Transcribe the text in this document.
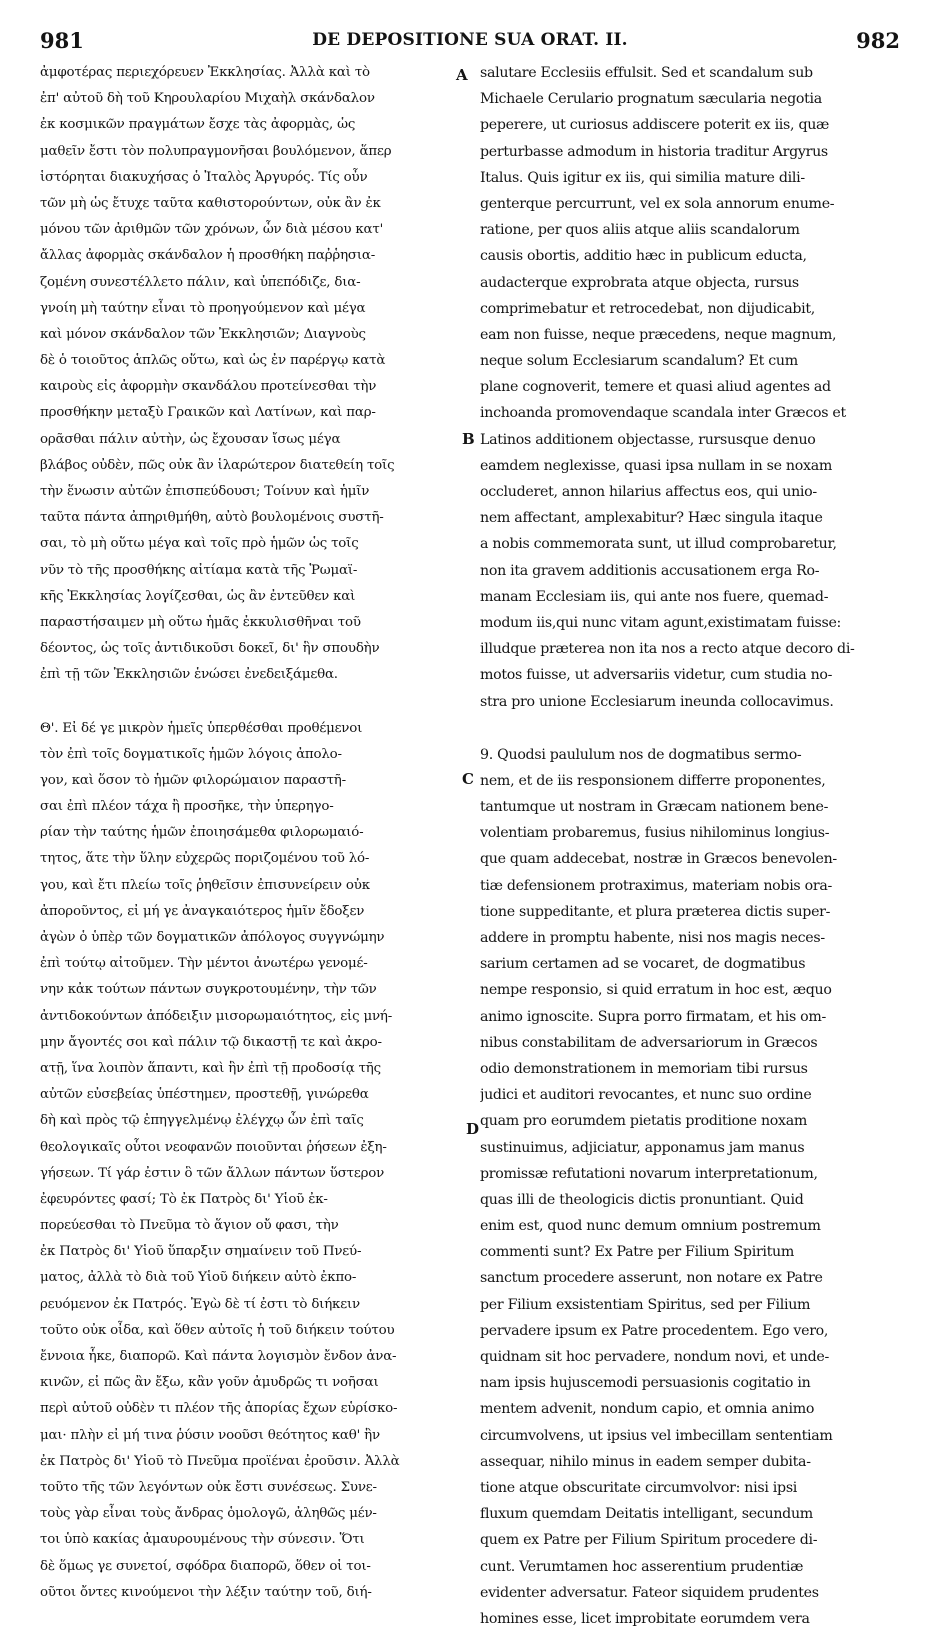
981	DE DEPOSITIONE SUA ORAT. II.	982
ἀμφοτέρας περιεχόρευεν Ἐκκλησίας. Ἀλλὰ καὶ τὸ
ἐπ' αὐτοῦ δὴ τοῦ Κηρουλαρίου Μιχαὴλ σκάνδαλον
ἐκ κοσμικῶν πραγμάτων ἔσχε τὰς ἀφορμὰς, ὡς
μαθεῖν ἔστι τὸν πολυπραγμονῆσαι βουλόμενον, ἅπερ
ἱστόρηται διακυχήσας ὁ Ἰταλὸς Ἀργυρός. Τίς οὖν
τῶν μὴ ὡς ἔτυχε ταῦτα καθιστορούντων, οὐκ ἂν ἐκ
μόνου τῶν ἀριθμῶν τῶν χρόνων, ὧν διὰ μέσου κατ'
ἄλλας ἀφορμὰς σκάνδαλον ἡ προσθήκη παῤῥησια-
ζομένη συνεστέλλετο πάλιν, καὶ ὑπεπόδιζε, δια-
γνοίη μὴ ταύτην εἶναι τὸ προηγούμενον καὶ μέγα
καὶ μόνον σκάνδαλον τῶν Ἐκκλησιῶν; Διαγνοὺς
δὲ ὁ τοιοῦτος ἁπλῶς οὕτω, καὶ ὡς ἐν παρέργῳ κατὰ
καιροὺς εἰς ἀφορμὴν σκανδάλου προτείνεσθαι τὴν
προσθήκην μεταξὺ Γραικῶν καὶ Λατίνων, καὶ παρ-
ορᾶσθαι πάλιν αὐτὴν, ὡς ἔχουσαν ἴσως μέγα
βλάβος οὐδὲν, πῶς οὐκ ἂν ἱλαρώτερον διατεθείη τοῖς
τὴν ἕνωσιν αὐτῶν ἐπισπεύδουσι; Τοίνυν καὶ ἡμῖν
ταῦτα πάντα ἀπηριθμήθη, αὐτὸ βουλομένοις συστῆ-
σαι, τὸ μὴ οὕτω μέγα καὶ τοῖς πρὸ ἡμῶν ὡς τοῖς
νῦν τὸ τῆς προσθήκης αἰτίαμα κατὰ τῆς Ῥωμαϊ-
κῆς Ἐκκλησίας λογίζεσθαι, ὡς ἂν ἐντεῦθεν καὶ
παραστήσαιμεν μὴ οὕτω ἡμᾶς ἐκκυλισθῆναι τοῦ
δέοντος, ὡς τοῖς ἀντιδικοῦσι δοκεῖ, δι' ἣν σπουδὴν
ἐπὶ τῇ τῶν Ἐκκλησιῶν ἑνώσει ἐνεδειξάμεθα.
Θ'. Εἰ δέ γε μικρὸν ἡμεῖς ὑπερθέσθαι προθέμενοι
τὸν ἐπὶ τοῖς δογματικοῖς ἡμῶν λόγοις ἀπολο-
γον, καὶ ὅσον τὸ ἡμῶν φιλορώμαιον παραστῆ-
σαι ἐπὶ πλέον τάχα ἢ προσῆκε, τὴν ὑπερηγο-
ρίαν τὴν ταύτης ἡμῶν ἐποιησάμεθα φιλορωμαιό-
τητος, ἅτε τὴν ὕλην εὐχερῶς ποριζομένου τοῦ λό-
γου, καὶ ἔτι πλείω τοῖς ῥηθεῖσιν ἐπισυνείρειν οὐκ
ἀποροῦντος, εἰ μή γε ἀναγκαιότερος ἡμῖν ἔδοξεν
ἀγὼν ὁ ὑπὲρ τῶν δογματικῶν ἀπόλογος συγγνώμην
ἐπὶ τούτῳ αἰτοῦμεν. Τὴν μέντοι ἀνωτέρω γενομέ-
νην κἀκ τούτων πάντων συγκροτουμένην, τὴν τῶν
ἀντιδοκούντων ἀπόδειξιν μισορωμαιότητος, εἰς μνή-
μην ἄγοντές σοι καὶ πάλιν τῷ δικαστῇ τε καὶ ἀκρο-
ατῇ, ἵνα λοιπὸν ἅπαντι, καὶ ἣν ἐπὶ τῇ προδοσίᾳ τῆς
αὐτῶν εὐσεβείας ὑπέστημεν, προστεθῇ, γινώρεθα
δὴ καὶ πρὸς τῷ ἐπηγγελμένῳ ἐλέγχῳ ὧν ἐπὶ ταῖς
θεολογικαῖς οὗτοι νεοφανῶν ποιοῦνται ῥήσεων ἐξη-
γήσεων. Τί γάρ ἐστιν ὃ τῶν ἄλλων πάντων ὕστερον
ἐφευρόντες φασί; Τὸ ἐκ Πατρὸς δι' Υἱοῦ ἐκ-
πορεύεσθαι τὸ Πνεῦμα τὸ ἅγιον οὔ φασι, τὴν
ἐκ Πατρὸς δι' Υἱοῦ ὕπαρξιν σημαίνειν τοῦ Πνεύ-
ματος, ἀλλὰ τὸ διὰ τοῦ Υἱοῦ διήκειν αὐτὸ ἐκπο-
ρευόμενον ἐκ Πατρός. Ἐγὼ δὲ τί ἐστι τὸ διήκειν
τοῦτο οὐκ οἶδα, καὶ ὅθεν αὐτοῖς ἡ τοῦ διήκειν τούτου
ἔννοια ἧκε, διαπορῶ. Καὶ πάντα λογισμὸν ἔνδον ἀνα-
κινῶν, εἰ πῶς ἂν ἔξω, κἂν γοῦν ἀμυδρῶς τι νοῆσαι
περὶ αὐτοῦ οὐδὲν τι πλέον τῆς ἀπορίας ἔχων εὑρίσκο-
μαι· πλὴν εἰ μή τινα ῥύσιν νοοῦσι θεότητος καθ' ἣν
ἐκ Πατρὸς δι' Υἱοῦ τὸ Πνεῦμα προϊέναι ἐροῦσιν. Ἀλλὰ
τοῦτο τῆς τῶν λεγόντων οὐκ ἔστι συνέσεως. Συνε-
τοὺς γὰρ εἶναι τοὺς ἄνδρας ὁμολογῶ, ἀληθῶς μέν-
τοι ὑπὸ κακίας ἀμαυρουμένους τὴν σύνεσιν. Ὅτι
δὲ ὅμως γε συνετοί, σφόδρα διαπορῶ, ὅθεν οἱ τοι-
οῦτοι ὄντες κινούμενοι τὴν λέξιν ταύτην τοῦ, διή-
salutare Ecclesiis effulsit. Sed et scandalum sub
Michaele Cerulario prognatum sæcularia negotia
peperere, ut curiosus addiscere poterit ex iis, quæ
perturbasse admodum in historia traditur Argyrus
Italus. Quis igitur ex iis, qui similia mature dili-
genterque percurrunt, vel ex sola annorum enume-
ratione, per quos aliis atque aliis scandalorum
causis obortis, additio hæc in publicum educta,
audacterque exprobrata atque objecta, rursus
comprimebatur et retrocedebat, non dijudicabit,
eam non fuisse, neque præcedens, neque magnum,
neque solum Ecclesiarum scandalum? Et cum
plane cognoverit, temere et quasi aliud agentes ad
inchoanda promovendaque scandala inter Græcos et
Latinos additionem objectasse, rursusque denuo
eamdem neglexisse, quasi ipsa nullam in se noxam
occluderet, annon hilarius affectus eos, qui unio-
nem affectant, amplexabitur? Hæc singula itaque
a nobis commemorata sunt, ut illud comprobaretur,
non ita gravem additionis accusationem erga Ro-
manam Ecclesiam iis, qui ante nos fuere, quemad-
modum iis,qui nunc vitam agunt,existimatam fuisse:
illudque præterea non ita nos a recto atque decoro di-
motos fuisse, ut adversariis videtur, cum studia no-
stra pro unione Ecclesiarum ineunda collocavimus.
9. Quodsi paululum nos de dogmatibus sermo-
nem, et de iis responsionem differre proponentes,
tantumque ut nostram in Græcam nationem bene-
volentiam probaremus, fusius nihilominus longius-
que quam addecebat, nostræ in Græcos benevolen-
tiæ defensionem protraximus, materiam nobis ora-
tione suppeditante, et plura præterea dictis super-
addere in promptu habente, nisi nos magis neces-
sarium certamen ad se vocaret, de dogmatibus
nempe responsio, si quid erratum in hoc est, æquo
animo ignoscite. Supra porro firmatam, et his om-
nibus constabilitam de adversariorum in Græcos
odio demonstrationem in memoriam tibi rursus
judici et auditori revocantes, et nunc suo ordine
quam pro eorumdem pietatis proditione noxam
sustinuimus, adjiciatur, apponamus jam manus
promissæ refutationi novarum interpretationum,
quas illi de theologicis dictis pronuntiant. Quid
enim est, quod nunc demum omnium postremum
commenti sunt? Ex Patre per Filium Spiritum
sanctum procedere asserunt, non notare ex Patre
per Filium exsistentiam Spiritus, sed per Filium
pervadere ipsum ex Patre procedentem. Ego vero,
quidnam sit hoc pervadere, nondum novi, et unde-
nam ipsis hujuscemodi persuasionis cogitatio in
mentem advenit, nondum capio, et omnia animo
circumvolvens, ut ipsius vel imbecillam sententiam
assequar, nihilo minus in eadem semper dubita-
tione atque obscuritate circumvolvor: nisi ipsi
fluxum quemdam Deitatis intelligant, secundum
quem ex Patre per Filium Spiritum procedere di-
cunt. Verumtamen hoc asserentium prudentiæ
evidenter adversatur. Fateor siquidem prudentes
homines esse, licet improbitate eorumdem vera
A
B
C
D
